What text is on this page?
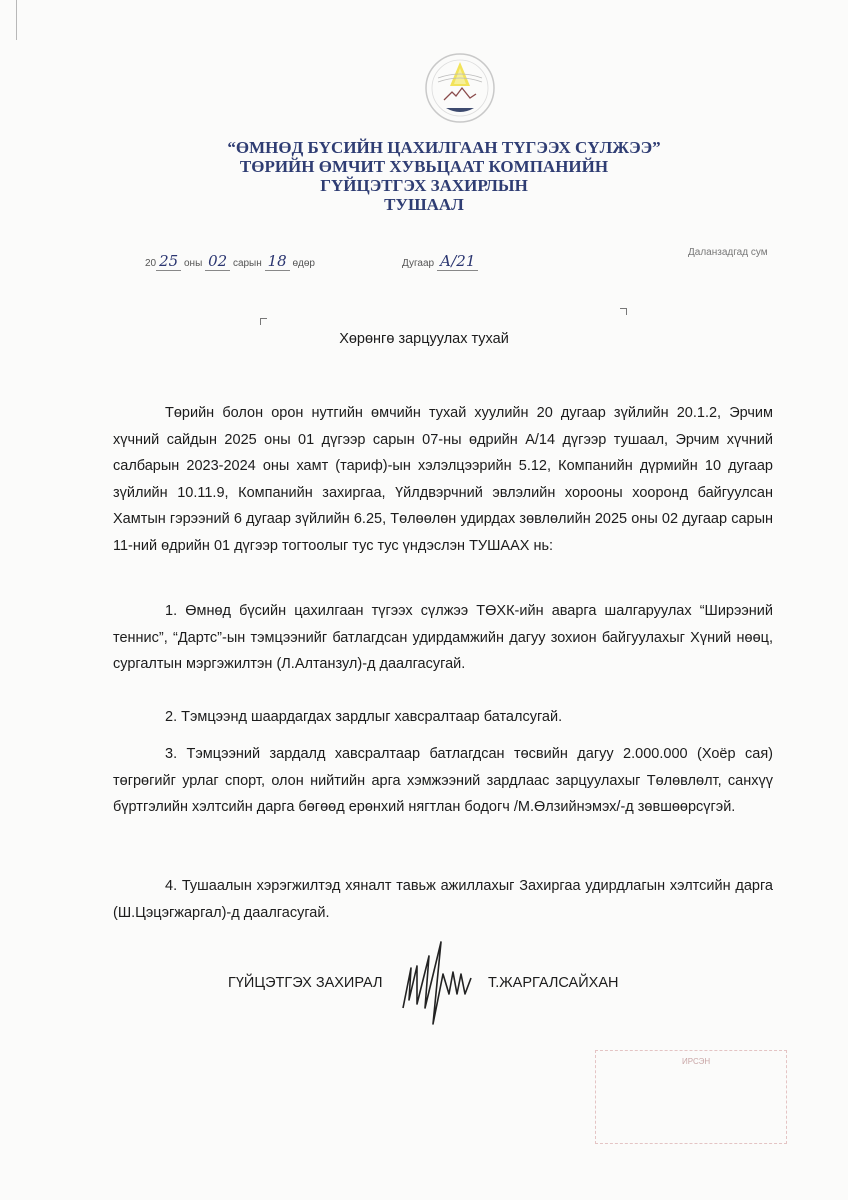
“ӨМНӨД БҮСИЙН ЦАХИЛГААН ТҮГЭЭХ СҮЛЖЭЭ”
ТӨРИЙН ӨМЧИТ ХУВЬЦААТ КОМПАНИЙН
ГҮЙЦЭТГЭХ ЗАХИРЛЫН
ТУШААЛ
20 25 оны 02 сарын 18 өдөр	Дугаар А/21	Даланзадгад сум
Хөрөнгө зарцуулах тухай

Төрийн болон орон нутгийн өмчийн тухай хуулийн 20 дугаар зүйлийн 20.1.2, Эрчим хүчний сайдын 2025 оны 01 дүгээр сарын 07-ны өдрийн А/14 дүгээр тушаал, Эрчим хүчний салбарын 2023-2024 оны хамт (тариф)-ын хэлэлцээрийн 5.12, Компанийн дүрмийн 10 дугаар зүйлийн 10.11.9, Компанийн захиргаа, Үйлдвэрчний эвлэлийн хорооны хооронд байгуулсан Хамтын гэрээний 6 дугаар зүйлийн 6.25, Төлөөлөн удирдах зөвлөлийн 2025 оны 02 дугаар сарын 11-ний өдрийн 01 дүгээр тогтоолыг тус тус үндэслэн ТУШААХ нь:

1. Өмнөд бүсийн цахилгаан түгээх сүлжээ ТӨХК-ийн аварга шалгаруулах “Ширээний теннис”, “Дартс”-ын тэмцээнийг батлагдсан удирдамжийн дагуу зохион байгуулахыг Хүний нөөц, сургалтын мэргэжилтэн (Л.Алтанзул)-д даалгасугай.

2. Тэмцээнд шаардагдах зардлыг хавсралтаар баталсугай.

3. Тэмцээний зардалд хавсралтаар батлагдсан төсвийн дагуу 2.000.000 (Хоёр сая) төгрөгийг урлаг спорт, олон нийтийн арга хэмжээний зардлаас зарцуулахыг Төлөвлөлт, санхүү бүртгэлийн хэлтсийн дарга бөгөөд ерөнхий нягтлан бодогч /М.Өлзийнэмэх/-д зөвшөөрсүгэй.

4. Тушаалын хэрэгжилтэд хяналт тавьж ажиллахыг Захиргаа удирдлагын хэлтсийн дарга (Ш.Цэцэгжаргал)-д даалгасугай.

ГҮЙЦЭТГЭХ ЗАХИРАЛ	Т.ЖАРГАЛСАЙХАН
ИРСЭН
